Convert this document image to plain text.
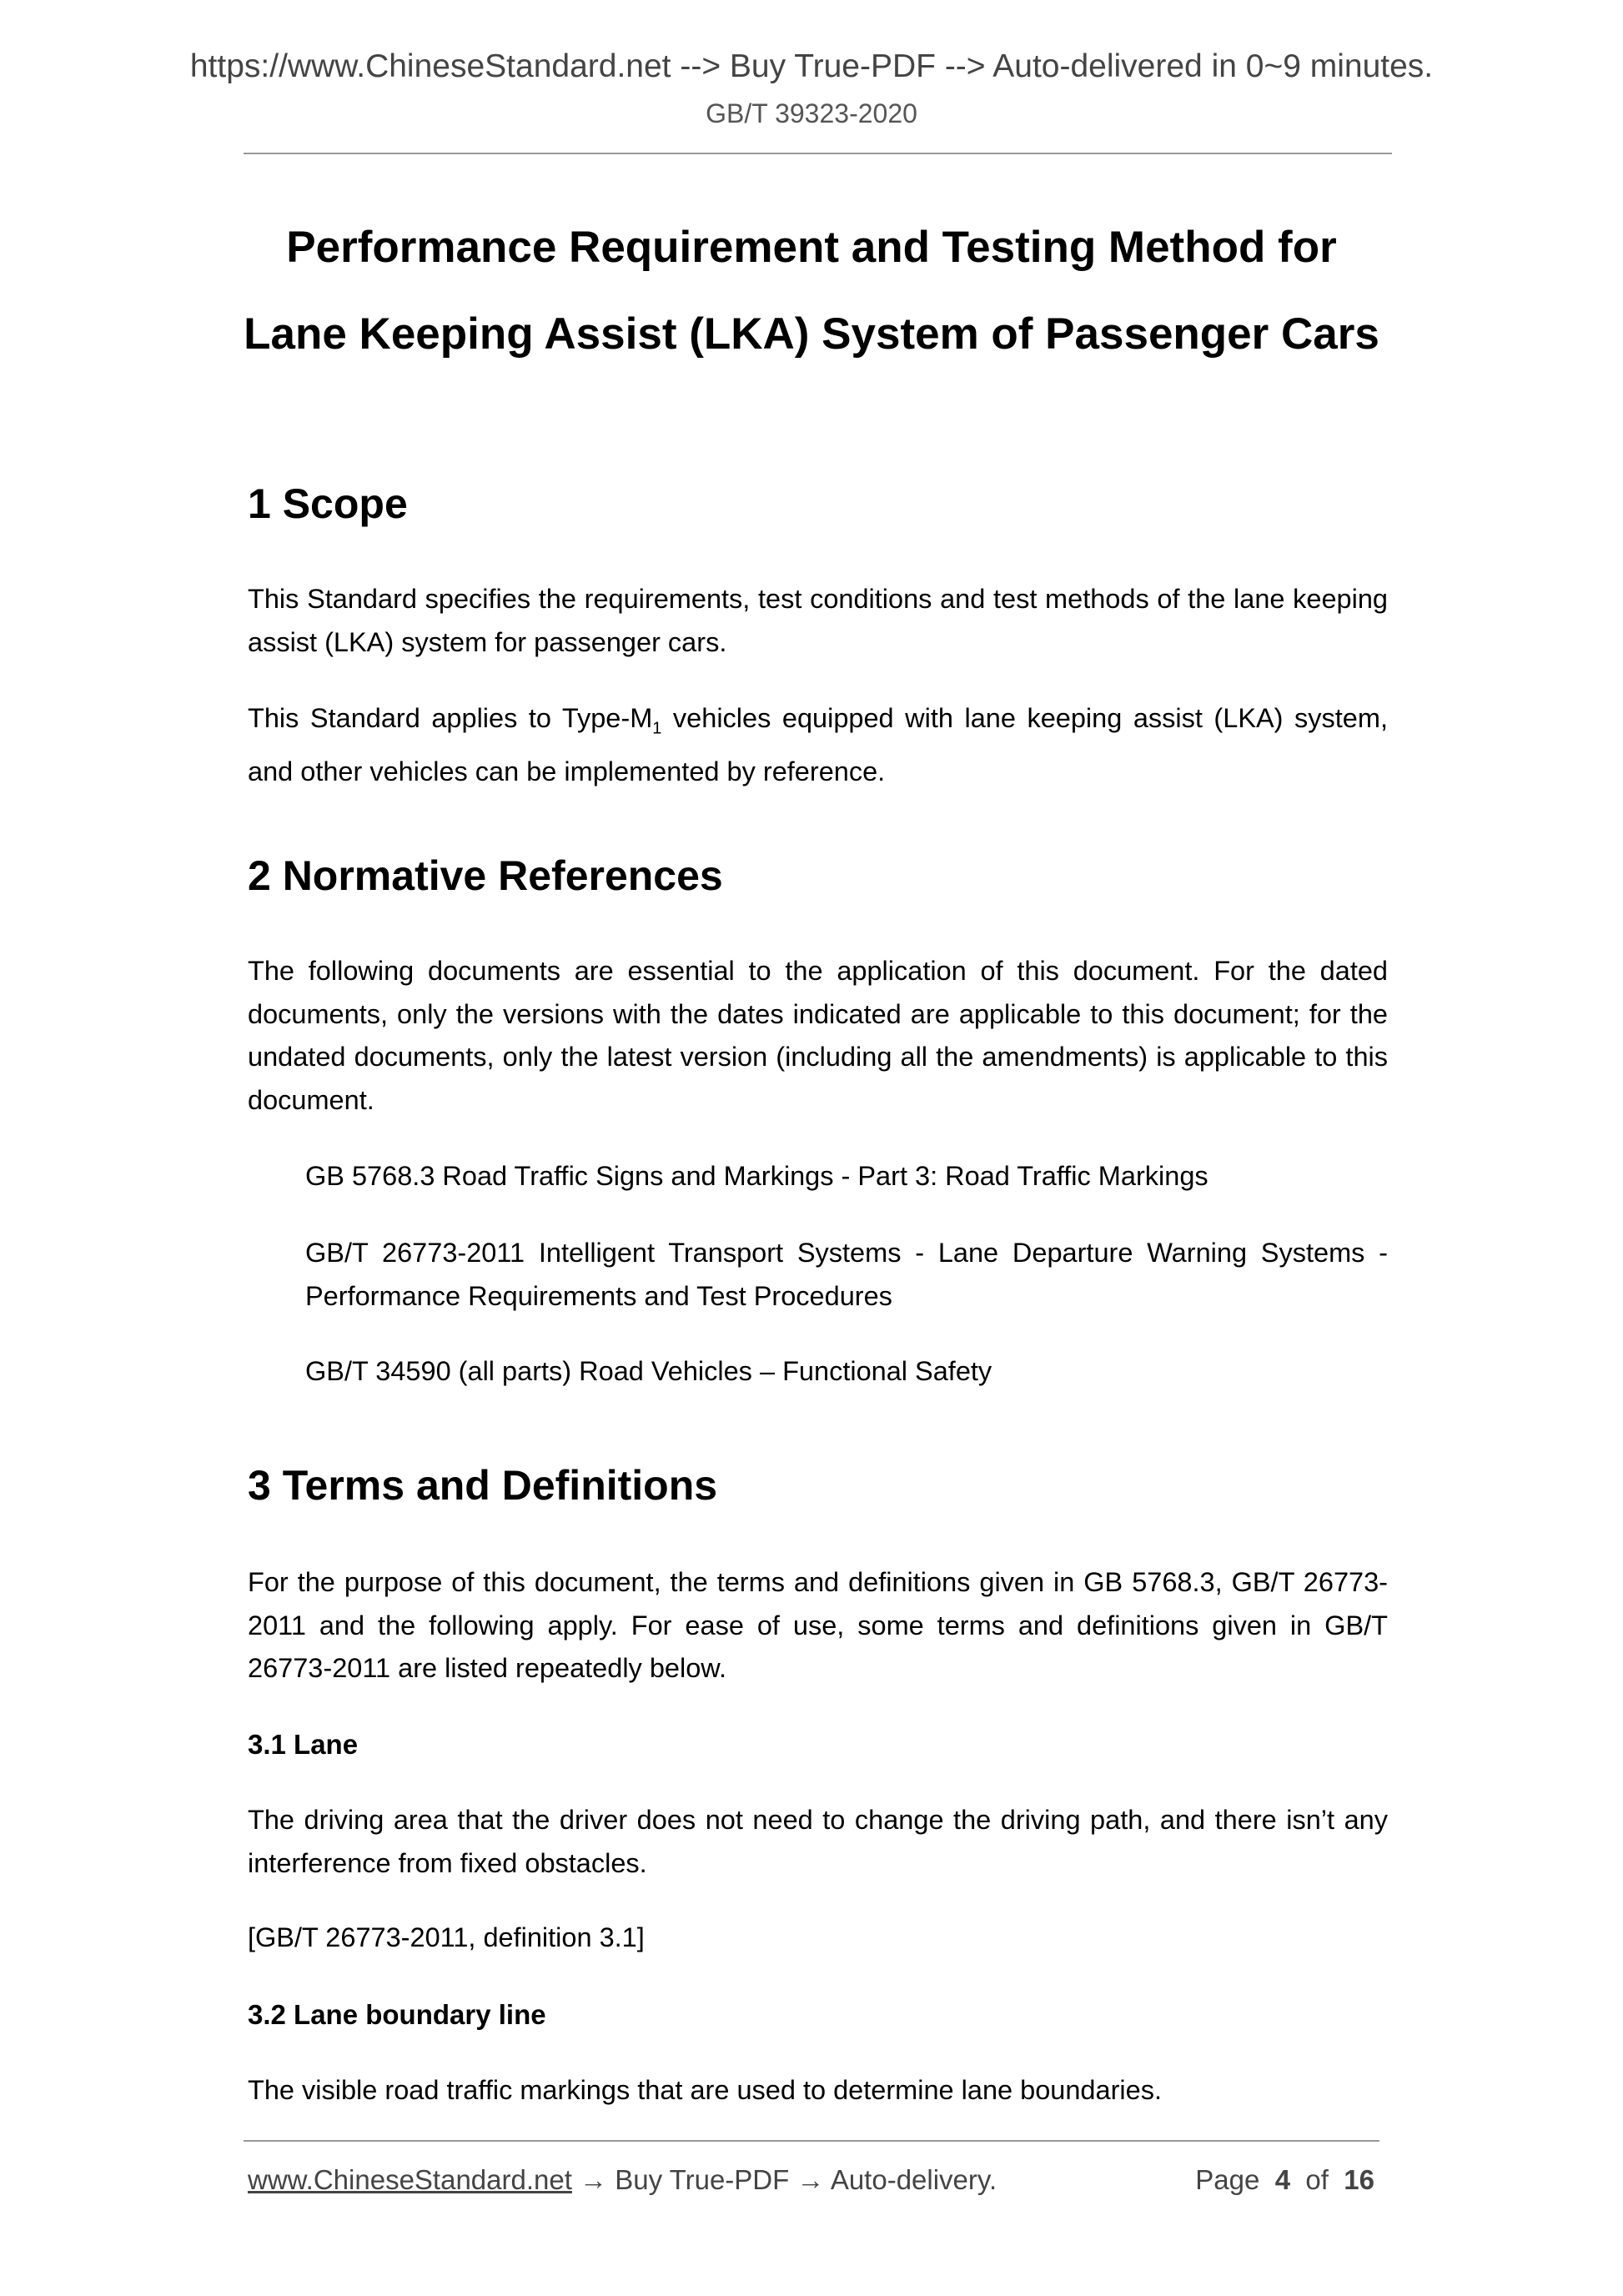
https://www.ChineseStandard.net --> Buy True-PDF --> Auto-delivered in 0~9 minutes.
GB/T 39323-2020
Performance Requirement and Testing Method for
Lane Keeping Assist (LKA) System of Passenger Cars
1 Scope
This Standard specifies the requirements, test conditions and test methods of the lane keeping assist (LKA) system for passenger cars.
This Standard applies to Type-$M_1$ vehicles equipped with lane keeping assist (LKA) system, and other vehicles can be implemented by reference.
2 Normative References
The following documents are essential to the application of this document. For the dated documents, only the versions with the dates indicated are applicable to this document; for the undated documents, only the latest version (including all the amendments) is applicable to this document.
GB 5768.3 Road Traffic Signs and Markings - Part 3: Road Traffic Markings
GB/T 26773-2011 Intelligent Transport Systems - Lane Departure Warning Systems - Performance Requirements and Test Procedures
GB/T 34590 (all parts) Road Vehicles – Functional Safety
3 Terms and Definitions
For the purpose of this document, the terms and definitions given in GB 5768.3, GB/T 26773-2011 and the following apply. For ease of use, some terms and definitions given in GB/T 26773-2011 are listed repeatedly below.
3.1 Lane
The driving area that the driver does not need to change the driving path, and there isn’t any interference from fixed obstacles.
[GB/T 26773-2011, definition 3.1]
3.2 Lane boundary line
The visible road traffic markings that are used to determine lane boundaries.
www.ChineseStandard.net → Buy True-PDF → Auto-delivery.	Page 4 of 16
